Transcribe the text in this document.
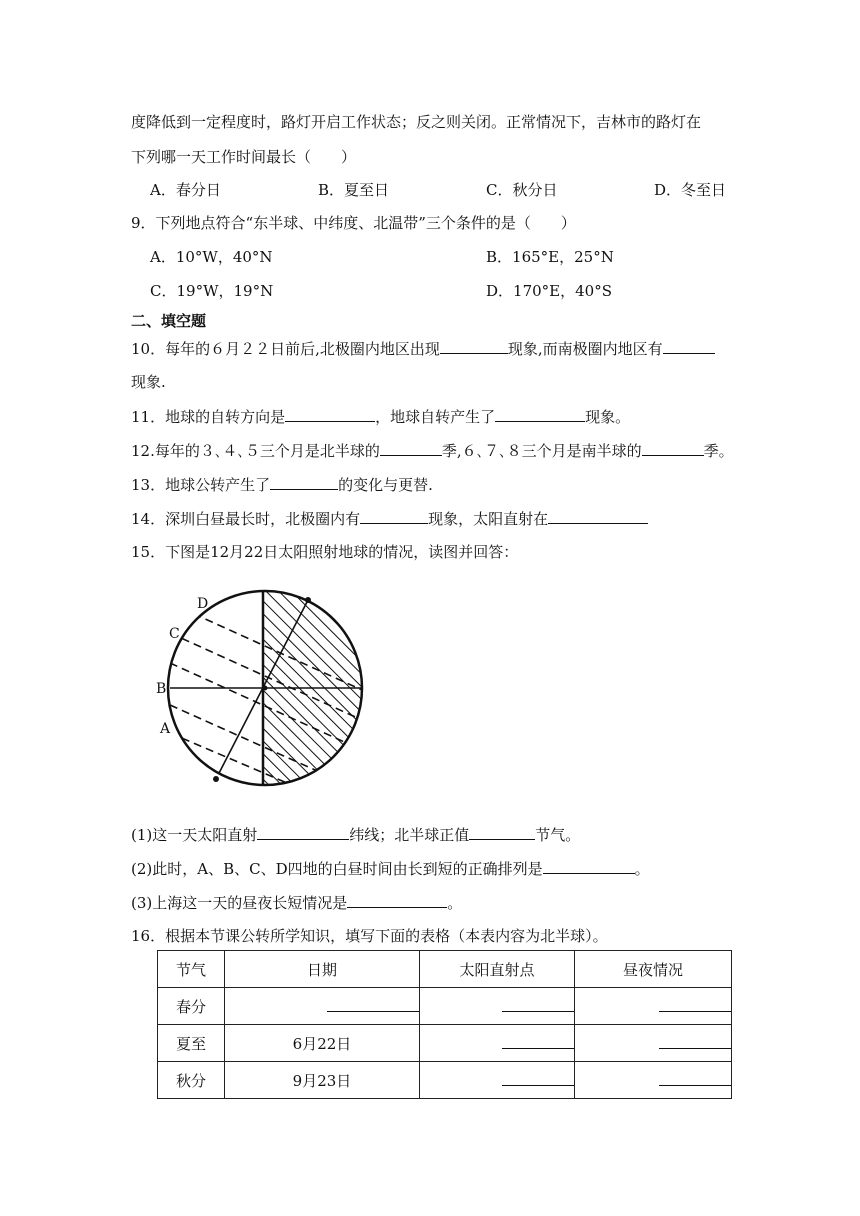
度降低到一定程度时，路灯开启工作状态；反之则关闭。正常情况下，吉林市的路灯在
下列哪一天工作时间最长（　　）
A．春分日	B．夏至日	C．秋分日	D．冬至日
9．下列地点符合“东半球、中纬度、北温带”三个条件的是（　　）
A．10°W，40°N	B．165°E，25°N
C．19°W，19°N	D．170°E，40°S
二、填空题
10．每年的６月２２日前后,北极圈内地区出现	现象,而南极圈内地区有
现象.
11．地球的自转方向是	，地球自转产生了	现象。
12.每年的３､４､５三个月是北半球的	季,６､７､８三个月是南半球的	季。
13．地球公转产生了	的变化与更替.
14．深圳白昼最长时，北极圈内有	现象，太阳直射在
15．下图是12月22日太阳照射地球的情况，读图并回答：
D
C
B
A
(1)这一天太阳直射	纬线；北半球正值	节气。
(2)此时，A、B、C、D四地的白昼时间由长到短的正确排列是	。
(3)上海这一天的昼夜长短情况是	。
16．根据本节课公转所学知识，填写下面的表格（本表内容为北半球）。
节气	日期	太阳直射点	昼夜情况
春分			
夏至	6月22日		
秋分	9月23日		
